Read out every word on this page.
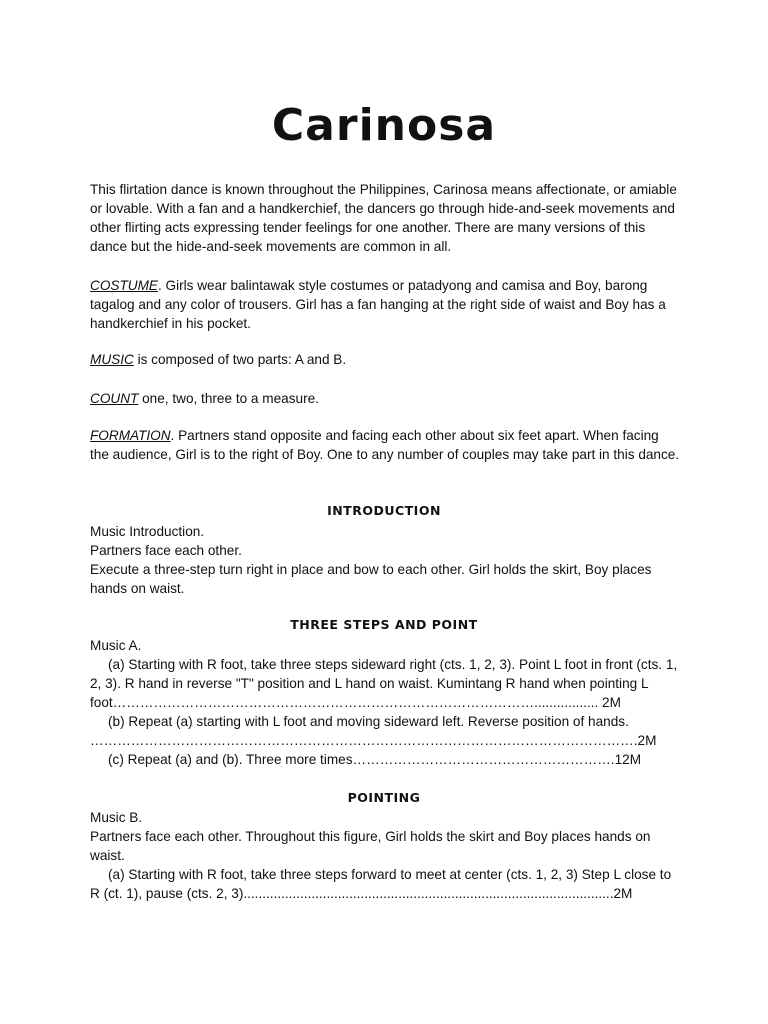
Carinosa

This flirtation dance is known throughout the Philippines, Carinosa means affectionate, or amiable or lovable. With a fan and a handkerchief, the dancers go through hide-and-seek movements and other flirting acts expressing tender feelings for one another. There are many versions of this dance but the hide-and-seek movements are common in all.

COSTUME. Girls wear balintawak style costumes or patadyong and camisa and Boy, barong tagalog and any color of trousers. Girl has a fan hanging at the right side of waist and Boy has a handkerchief in his pocket.

MUSIC is composed of two parts: A and B.

COUNT one, two, three to a measure.

FORMATION. Partners stand opposite and facing each other about six feet apart. When facing the audience, Girl is to the right of Boy. One to any number of couples may take part in this dance.

INTRODUCTION
Music Introduction.
Partners face each other.
Execute a three-step turn right in place and bow to each other. Girl holds the skirt, Boy places hands on waist.
THREE STEPS AND POINT
Music A.
(a) Starting with R foot, take three steps sideward right (cts. 1, 2, 3). Point L foot in front (cts. 1, 2, 3). R hand in reverse "T" position and L hand on waist. Kumintang R hand when pointing L foot…………………………………………………………………………………................. 2M
(b) Repeat (a) starting with L foot and moving sideward left. Reverse position of hands. ………………………………………………………………………………………………………….2M
(c) Repeat (a) and (b). Three more times………………………………………………….12M
POINTING
Music B.
Partners face each other. Throughout this figure, Girl holds the skirt and Boy places hands on waist.
(a) Starting with R foot, take three steps forward to meet at center (cts. 1, 2, 3) Step L close to R (ct. 1), pause (cts. 2, 3)..................................................................................................2M
